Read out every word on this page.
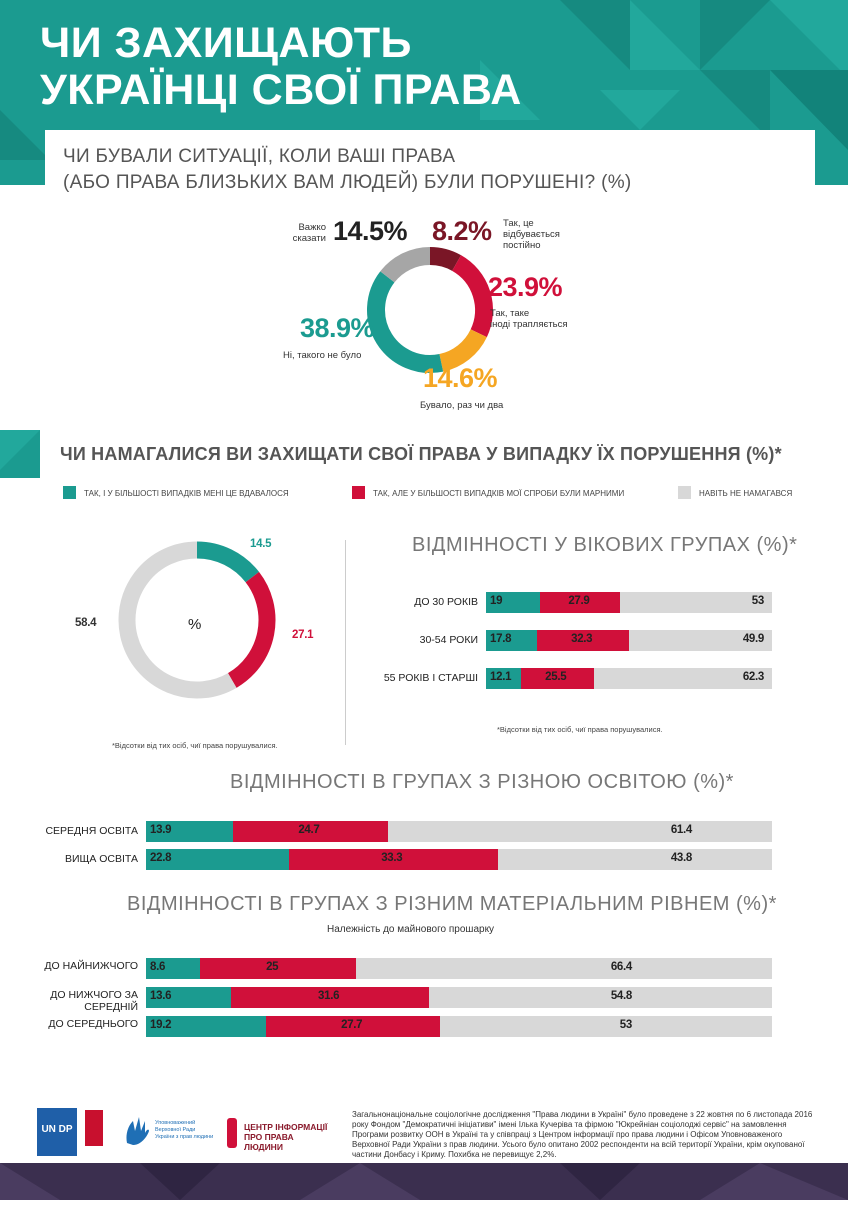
ЧИ ЗАХИЩАЮТЬ
УКРАЇНЦІ СВОЇ ПРАВА
ЧИ БУВАЛИ СИТУАЦІЇ, КОЛИ ВАШІ ПРАВА
(АБО ПРАВА БЛИЗЬКИХ ВАМ ЛЮДЕЙ) БУЛИ ПОРУШЕНІ? (%)
Важко
сказати 14.5% 8.2% Так, це
відбувається
постійно
23.9%
Так, таке
іноді трапляється
14.6%
Бувало, раз чи два
38.9%
Ні, такого не було
ЧИ НАМАГАЛИСЯ ВИ ЗАХИЩАТИ СВОЇ ПРАВА У ВИПАДКУ ЇХ ПОРУШЕННЯ (%)*
ТАК, І У БІЛЬШОСТІ ВИПАДКІВ МЕНІ ЦЕ ВДАВАЛОСЯ	ТАК, АЛЕ У БІЛЬШОСТІ ВИПАДКІВ МОЇ СПРОБИ БУЛИ МАРНИМИ	НАВІТЬ НЕ НАМАГАВСЯ
%
14.5
27.1
58.4
*Відсотки від тих осіб, чиї права порушувалися.
ВІДМІННОСТІ У ВІКОВИХ ГРУПАХ (%)*
ДО 30 РОКІВ 19	27.9	53
30-54 РОКИ 17.8	32.3	49.9
55 РОКІВ І СТАРШІ 12.1	25.5	62.3
*Відсотки від тих осіб, чиї права порушувалися.
ВІДМІННОСТІ В ГРУПАХ З РІЗНОЮ ОСВІТОЮ (%)*
СЕРЕДНЯ ОСВІТА 13.9	24.7	61.4
ВИЩА ОСВІТА 22.8	33.3	43.8
ВІДМІННОСТІ В ГРУПАХ З РІЗНИМ МАТЕРІАЛЬНИМ РІВНЕМ (%)*
Належність до майнового прошарку
ДО НАЙНИЖЧОГО 8.6	25	66.4
ДО НИЖЧОГО ЗА СЕРЕДНІЙ
13.6	31.6	54.8
ДО СЕРЕДНЬОГО 19.2	27.7	53
UN DP
Уповноважений Верховної Ради України з прав людини
ЦЕНТР ІНФОРМАЦІЇ ПРО ПРАВА ЛЮДИНИ
Загальнонаціональне соціологічне дослідження "Права людини в Україні" було проведене з 22 жовтня по 6 листопада 2016 року Фондом "Демократичні ініціативи" імені Ілька Кучеріва та фірмою "Юкрейніан соціолоджі сервіс" на замовлення Програми розвитку ООН в Україні та у співпраці з Центром інформації про права людини і Офісом Уповноваженого Верховної Ради України з прав людини. Усього було опитано 2002 респонденти на всій території України, крім окупованої частини Донбасу і Криму. Похибка не перевищує 2,2%.
